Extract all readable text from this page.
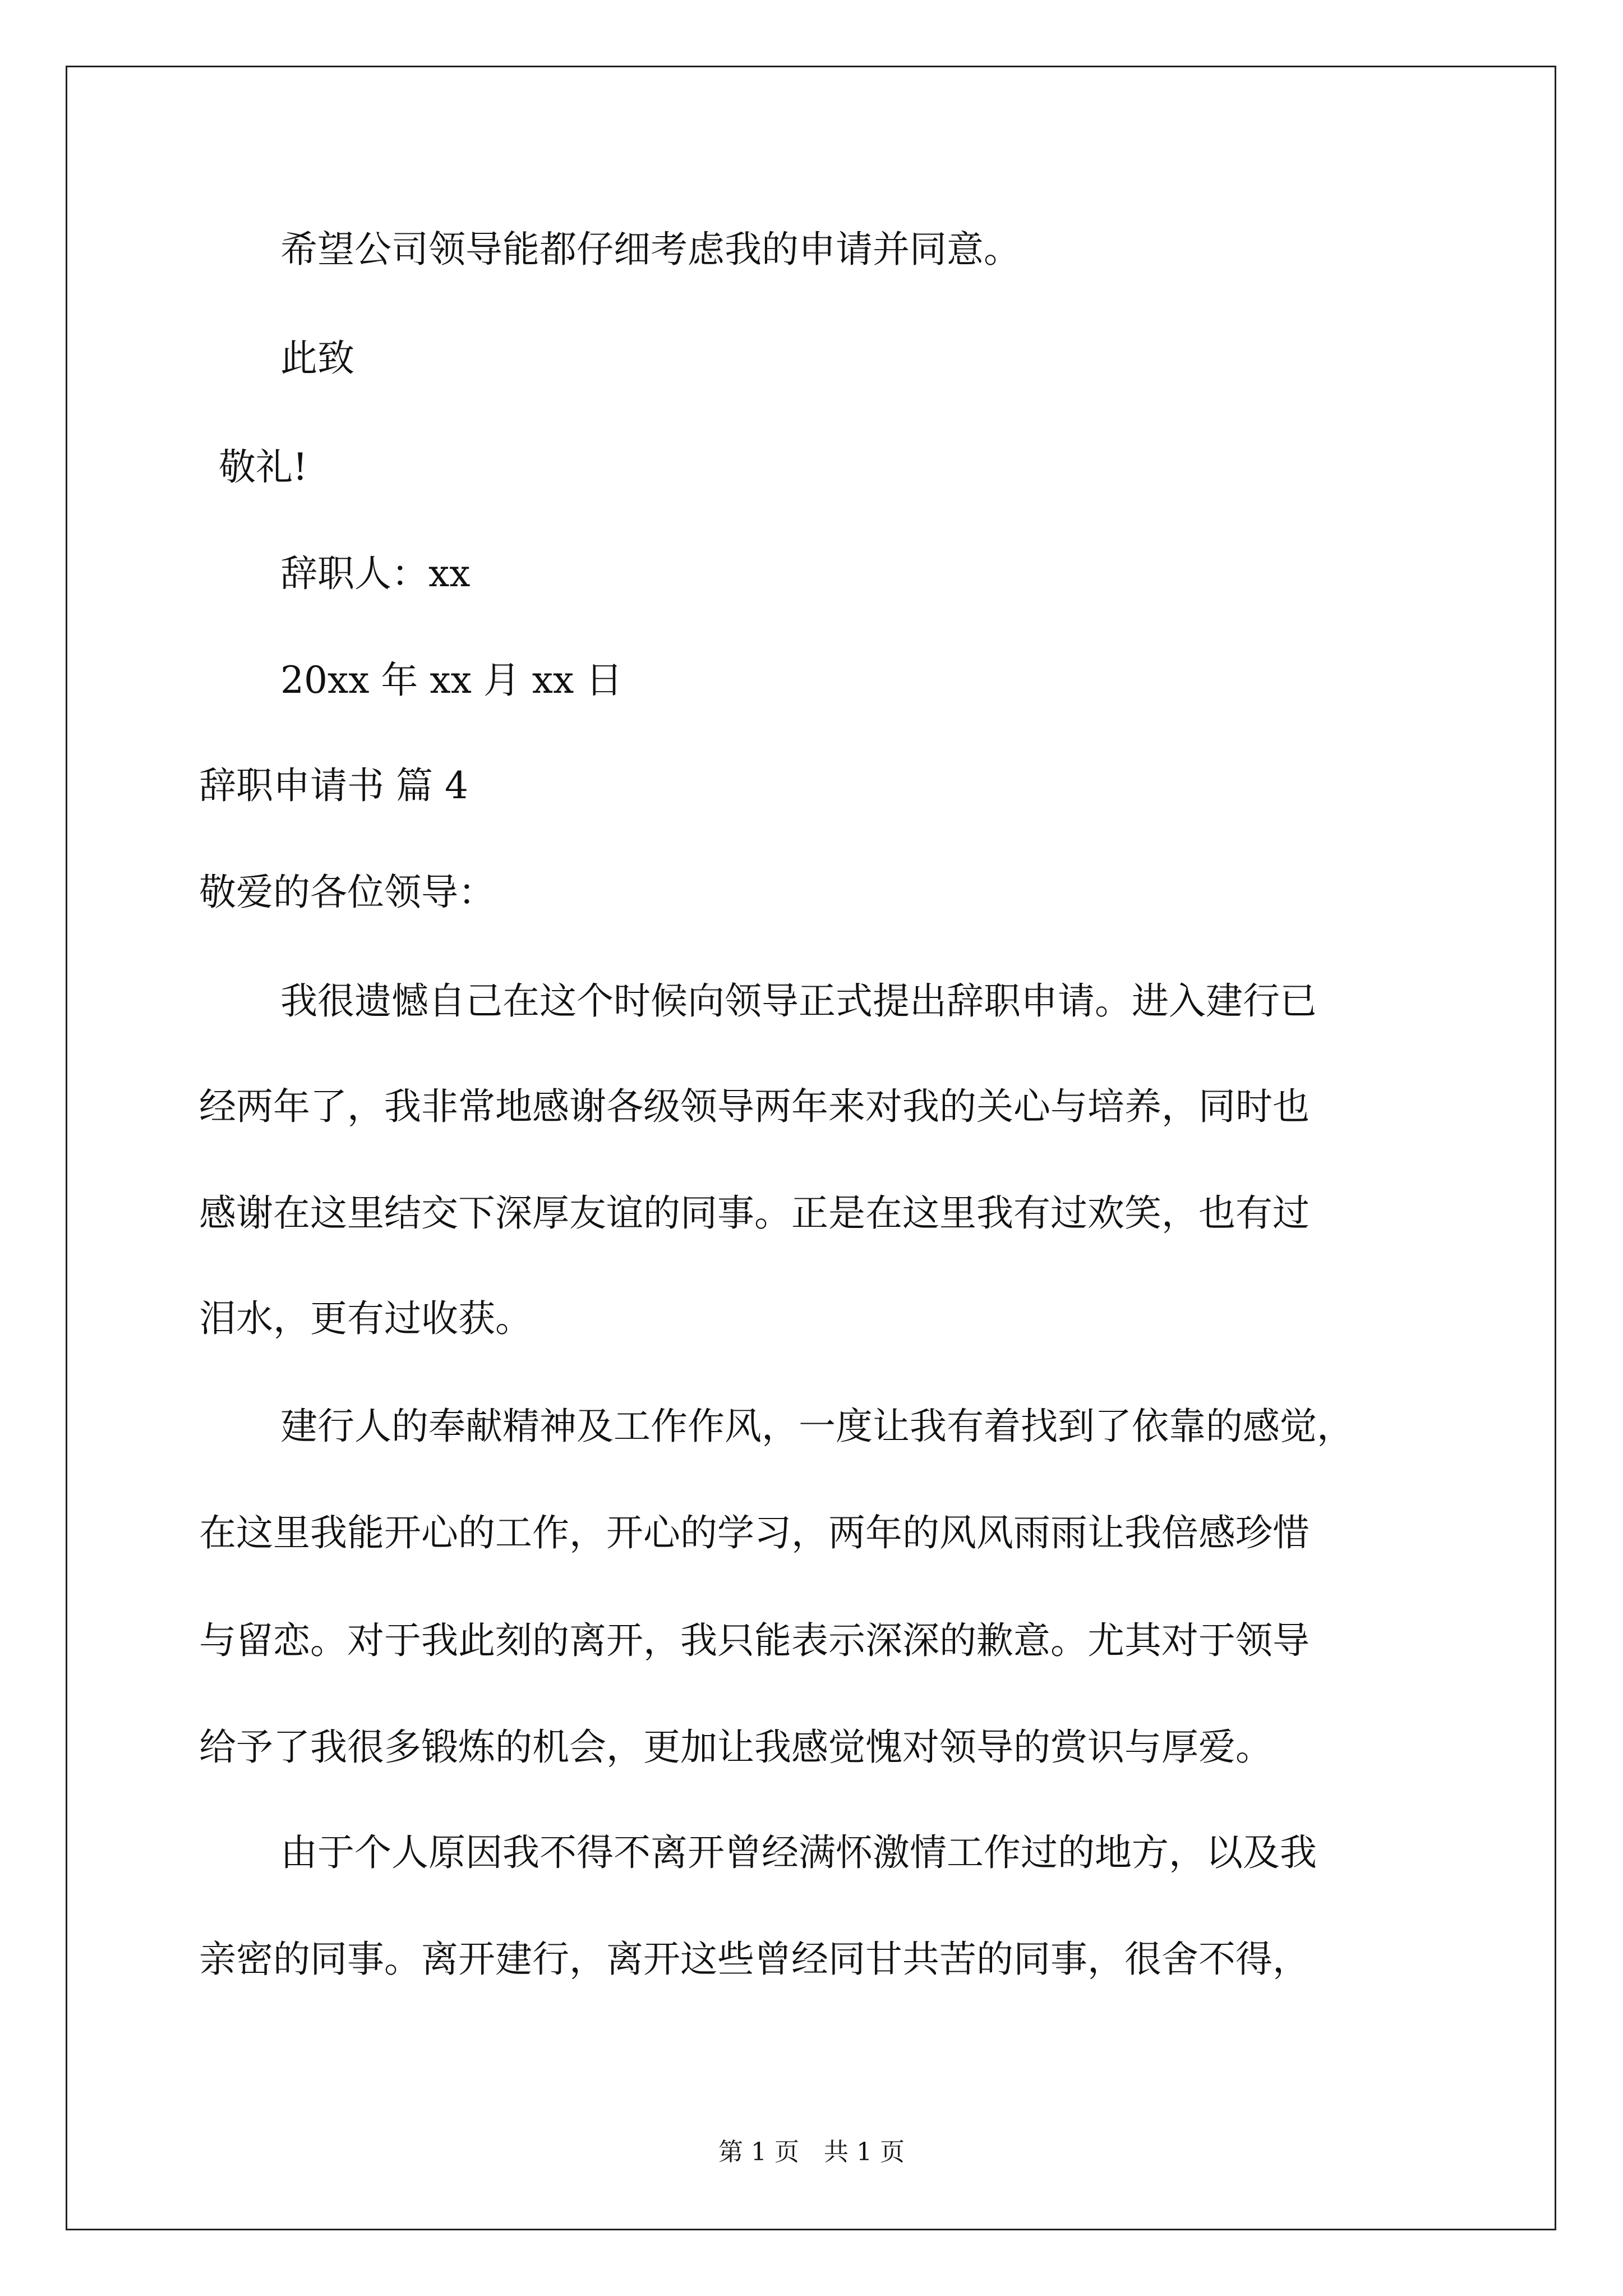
希望公司领导能都仔细考虑我的申请并同意。
此致
敬礼!
辞职人：xx
20xx 年 xx 月 xx 日
辞职申请书 篇 4
敬爱的各位领导：
我很遗憾自己在这个时候向领导正式提出辞职申请。进入建行已
经两年了，我非常地感谢各级领导两年来对我的关心与培养，同时也
感谢在这里结交下深厚友谊的同事。正是在这里我有过欢笑，也有过
泪水，更有过收获。
建行人的奉献精神及工作作风，一度让我有着找到了依靠的感觉，
在这里我能开心的工作，开心的学习，两年的风风雨雨让我倍感珍惜
与留恋。对于我此刻的离开，我只能表示深深的歉意。尤其对于领导
给予了我很多锻炼的机会，更加让我感觉愧对领导的赏识与厚爱。
由于个人原因我不得不离开曾经满怀激情工作过的地方，以及我
亲密的同事。离开建行，离开这些曾经同甘共苦的同事，很舍不得，
第 1 页　共 1 页
